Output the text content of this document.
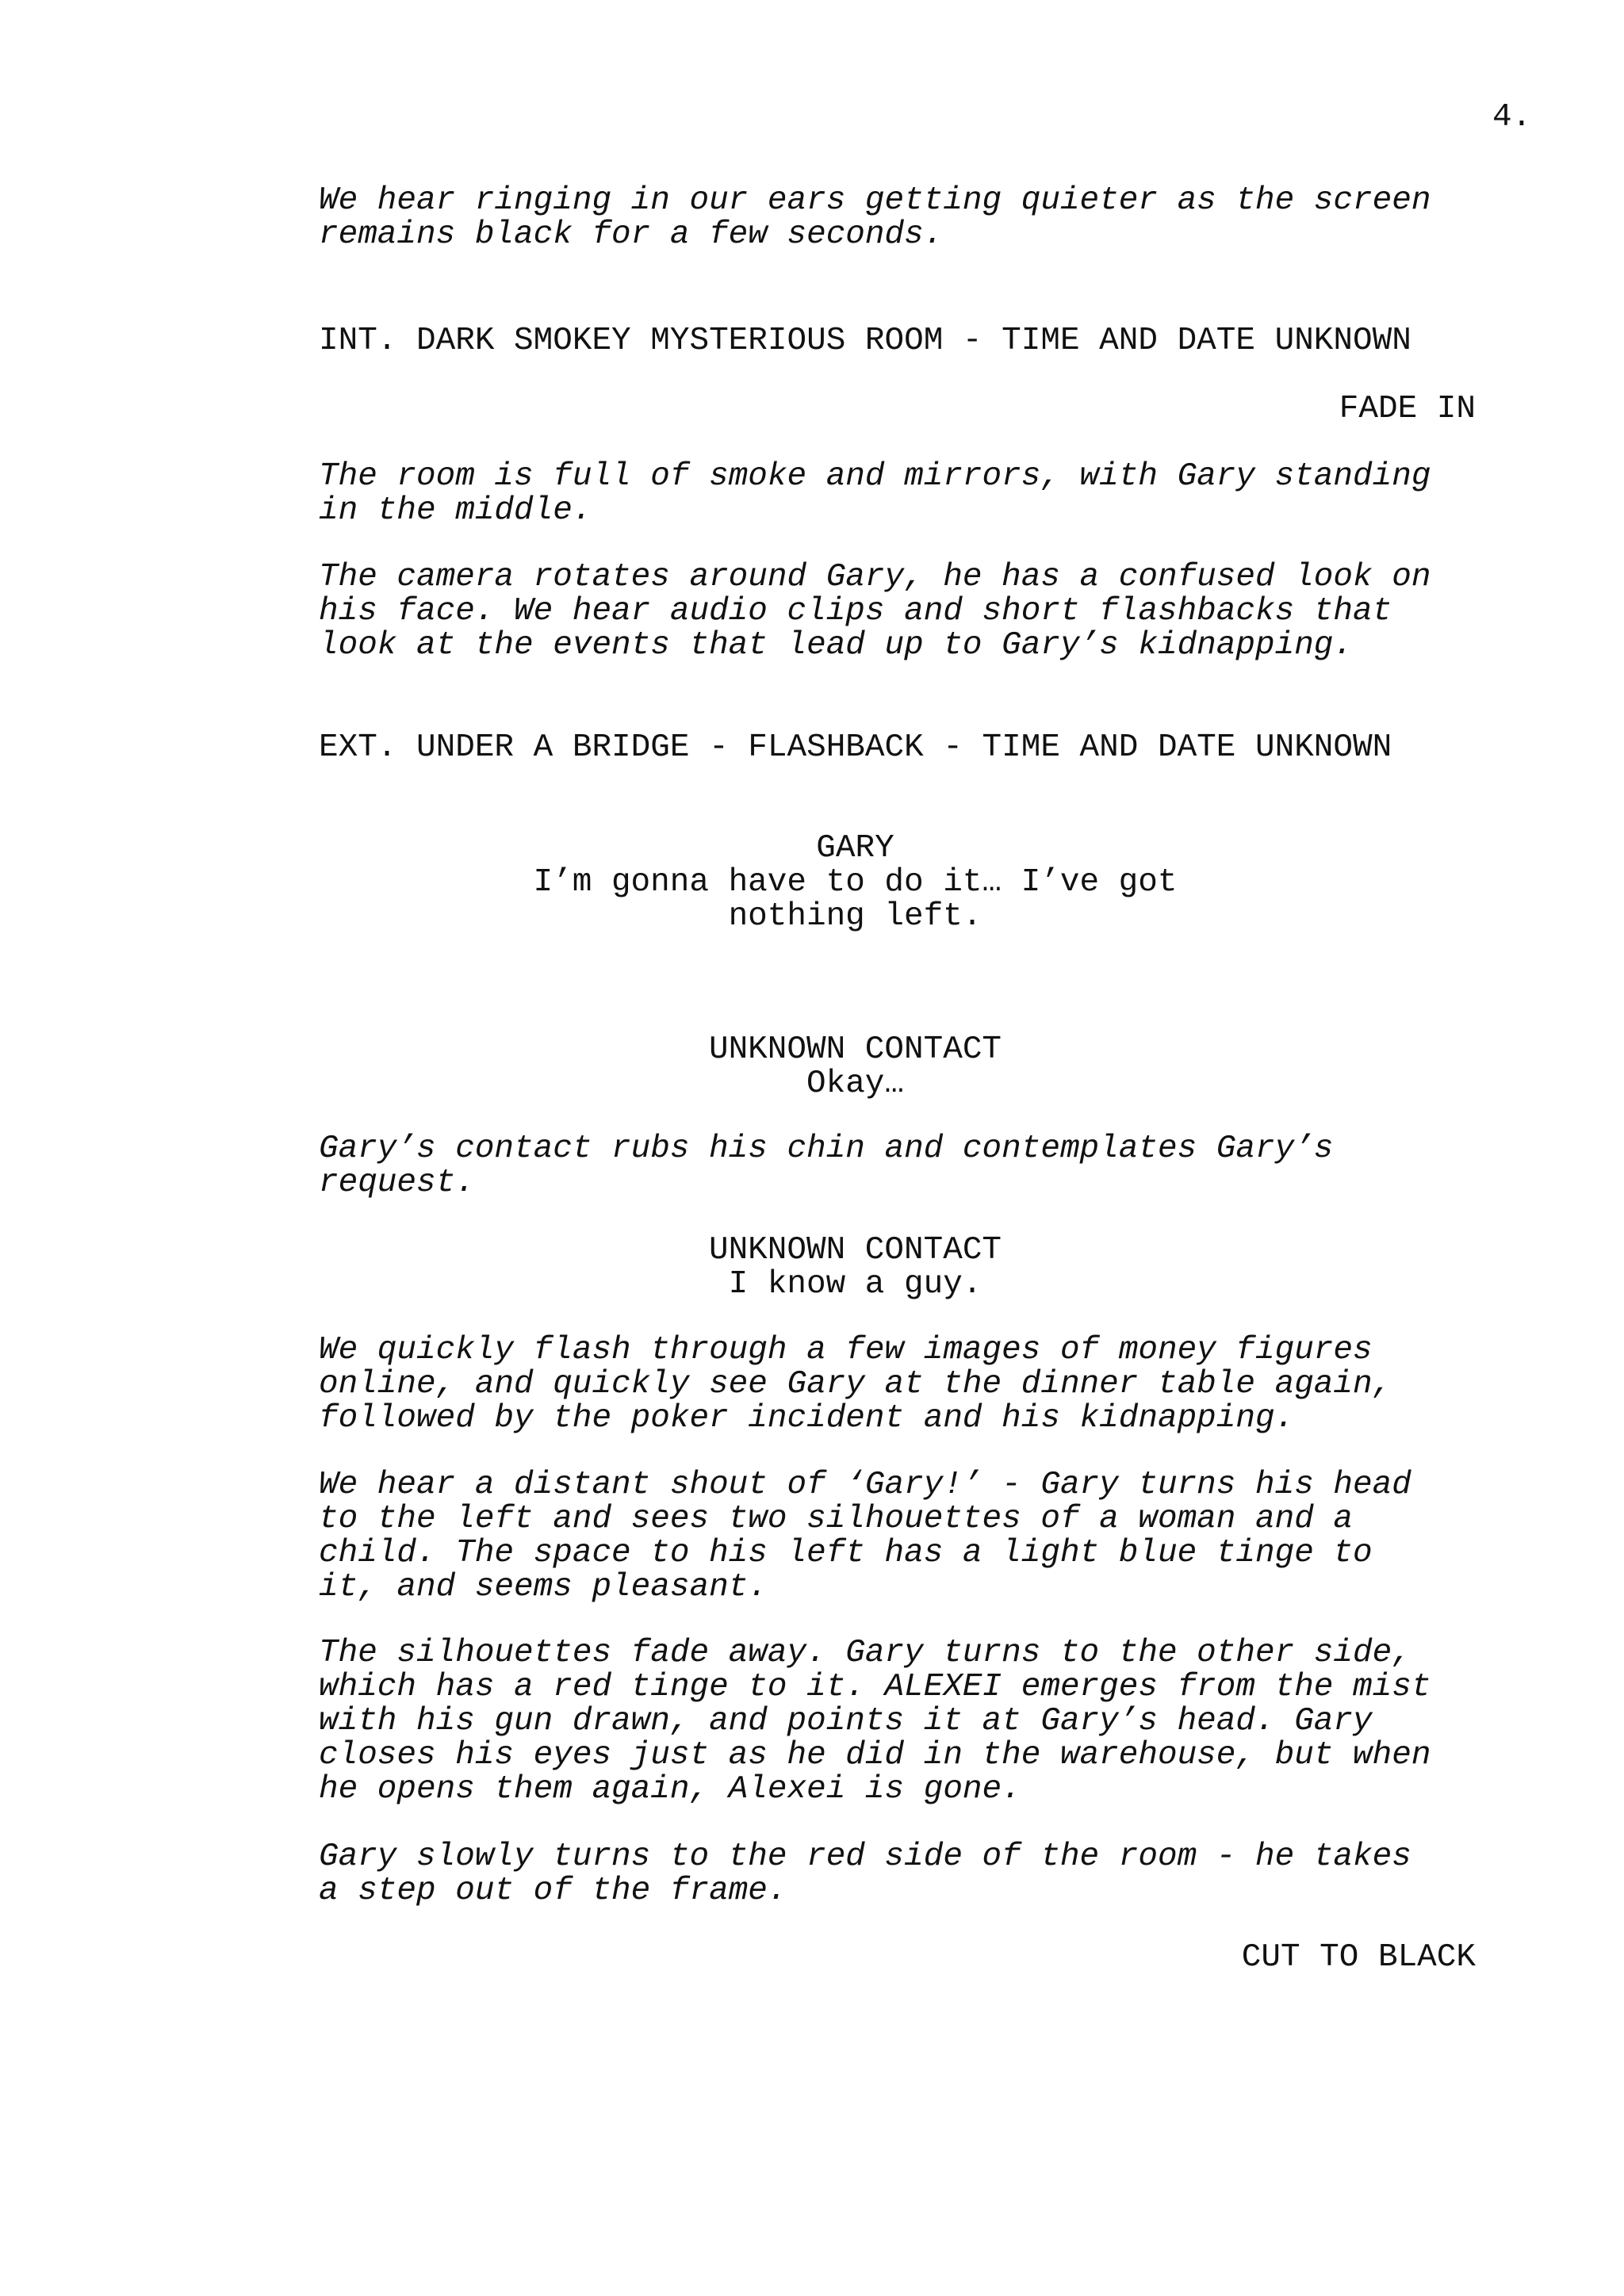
4.
We hear ringing in our ears getting quieter as the screen
remains black for a few seconds.
INT. DARK SMOKEY MYSTERIOUS ROOM - TIME AND DATE UNKNOWN
FADE IN
The room is full of smoke and mirrors, with Gary standing
in the middle.
The camera rotates around Gary, he has a confused look on
his face. We hear audio clips and short flashbacks that
look at the events that lead up to Gary’s kidnapping.
EXT. UNDER A BRIDGE - FLASHBACK - TIME AND DATE UNKNOWN
GARY
I’m gonna have to do it… I’ve got
nothing left.
UNKNOWN CONTACT
Okay…
Gary’s contact rubs his chin and contemplates Gary’s
request.
UNKNOWN CONTACT
I know a guy.
We quickly flash through a few images of money figures
online, and quickly see Gary at the dinner table again,
followed by the poker incident and his kidnapping.
We hear a distant shout of ‘Gary!’ - Gary turns his head
to the left and sees two silhouettes of a woman and a
child. The space to his left has a light blue tinge to
it, and seems pleasant.
The silhouettes fade away. Gary turns to the other side,
which has a red tinge to it. ALEXEI emerges from the mist
with his gun drawn, and points it at Gary’s head. Gary
closes his eyes just as he did in the warehouse, but when
he opens them again, Alexei is gone.
Gary slowly turns to the red side of the room - he takes
a step out of the frame.
CUT TO BLACK
